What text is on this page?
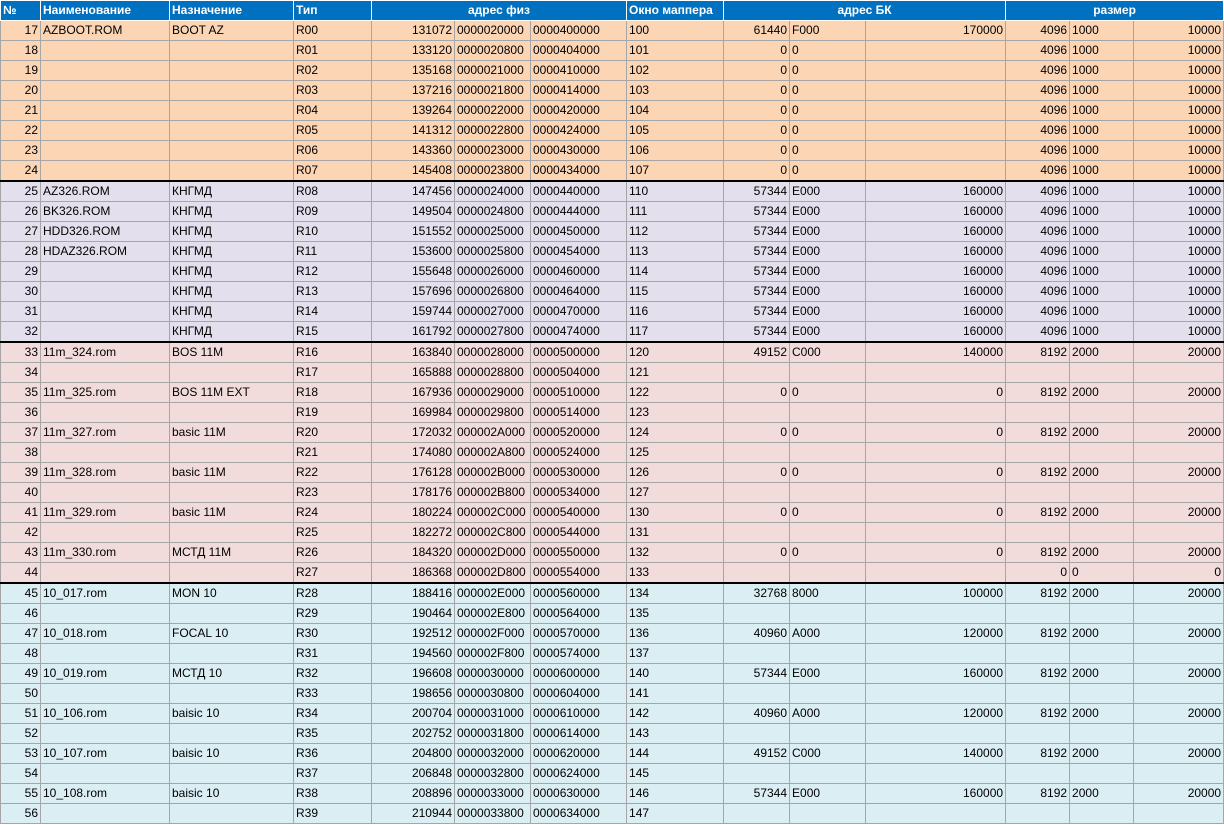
№	Наименование	Назначение	Тип	адрес физ			Окно маппера	адрес БК			размер		
17	AZBOOT.ROM	BOOT AZ	R00	131072	0000020000	0000400000	100	61440	F000	170000	4096	1000	10000
18			R01	133120	0000020800	0000404000	101	0	0		4096	1000	10000
19			R02	135168	0000021000	0000410000	102	0	0		4096	1000	10000
20			R03	137216	0000021800	0000414000	103	0	0		4096	1000	10000
21			R04	139264	0000022000	0000420000	104	0	0		4096	1000	10000
22			R05	141312	0000022800	0000424000	105	0	0		4096	1000	10000
23			R06	143360	0000023000	0000430000	106	0	0		4096	1000	10000
24			R07	145408	0000023800	0000434000	107	0	0		4096	1000	10000
25	AZ326.ROM	КНГМД	R08	147456	0000024000	0000440000	110	57344	E000	160000	4096	1000	10000
26	BK326.ROM	КНГМД	R09	149504	0000024800	0000444000	111	57344	E000	160000	4096	1000	10000
27	HDD326.ROM	КНГМД	R10	151552	0000025000	0000450000	112	57344	E000	160000	4096	1000	10000
28	HDAZ326.ROM	КНГМД	R11	153600	0000025800	0000454000	113	57344	E000	160000	4096	1000	10000
29		КНГМД	R12	155648	0000026000	0000460000	114	57344	E000	160000	4096	1000	10000
30		КНГМД	R13	157696	0000026800	0000464000	115	57344	E000	160000	4096	1000	10000
31		КНГМД	R14	159744	0000027000	0000470000	116	57344	E000	160000	4096	1000	10000
32		КНГМД	R15	161792	0000027800	0000474000	117	57344	E000	160000	4096	1000	10000
33	11m_324.rom	BOS 11M	R16	163840	0000028000	0000500000	120	49152	C000	140000	8192	2000	20000
34			R17	165888	0000028800	0000504000	121						
35	11m_325.rom	BOS 11M EXT	R18	167936	0000029000	0000510000	122	0	0	0	8192	2000	20000
36			R19	169984	0000029800	0000514000	123						
37	11m_327.rom	basic 11M	R20	172032	000002A000	0000520000	124	0	0	0	8192	2000	20000
38			R21	174080	000002A800	0000524000	125						
39	11m_328.rom	basic 11M	R22	176128	000002B000	0000530000	126	0	0	0	8192	2000	20000
40			R23	178176	000002B800	0000534000	127						
41	11m_329.rom	basic 11M	R24	180224	000002C000	0000540000	130	0	0	0	8192	2000	20000
42			R25	182272	000002C800	0000544000	131						
43	11m_330.rom	МСТД 11M	R26	184320	000002D000	0000550000	132	0	0	0	8192	2000	20000
44			R27	186368	000002D800	0000554000	133				0	0	0
45	10_017.rom	MON 10	R28	188416	000002E000	0000560000	134	32768	8000	100000	8192	2000	20000
46			R29	190464	000002E800	0000564000	135						
47	10_018.rom	FOCAL 10	R30	192512	000002F000	0000570000	136	40960	A000	120000	8192	2000	20000
48			R31	194560	000002F800	0000574000	137						
49	10_019.rom	МСТД 10	R32	196608	0000030000	0000600000	140	57344	E000	160000	8192	2000	20000
50			R33	198656	0000030800	0000604000	141						
51	10_106.rom	baisic 10	R34	200704	0000031000	0000610000	142	40960	A000	120000	8192	2000	20000
52			R35	202752	0000031800	0000614000	143						
53	10_107.rom	baisic 10	R36	204800	0000032000	0000620000	144	49152	C000	140000	8192	2000	20000
54			R37	206848	0000032800	0000624000	145						
55	10_108.rom	baisic 10	R38	208896	0000033000	0000630000	146	57344	E000	160000	8192	2000	20000
56			R39	210944	0000033800	0000634000	147						
